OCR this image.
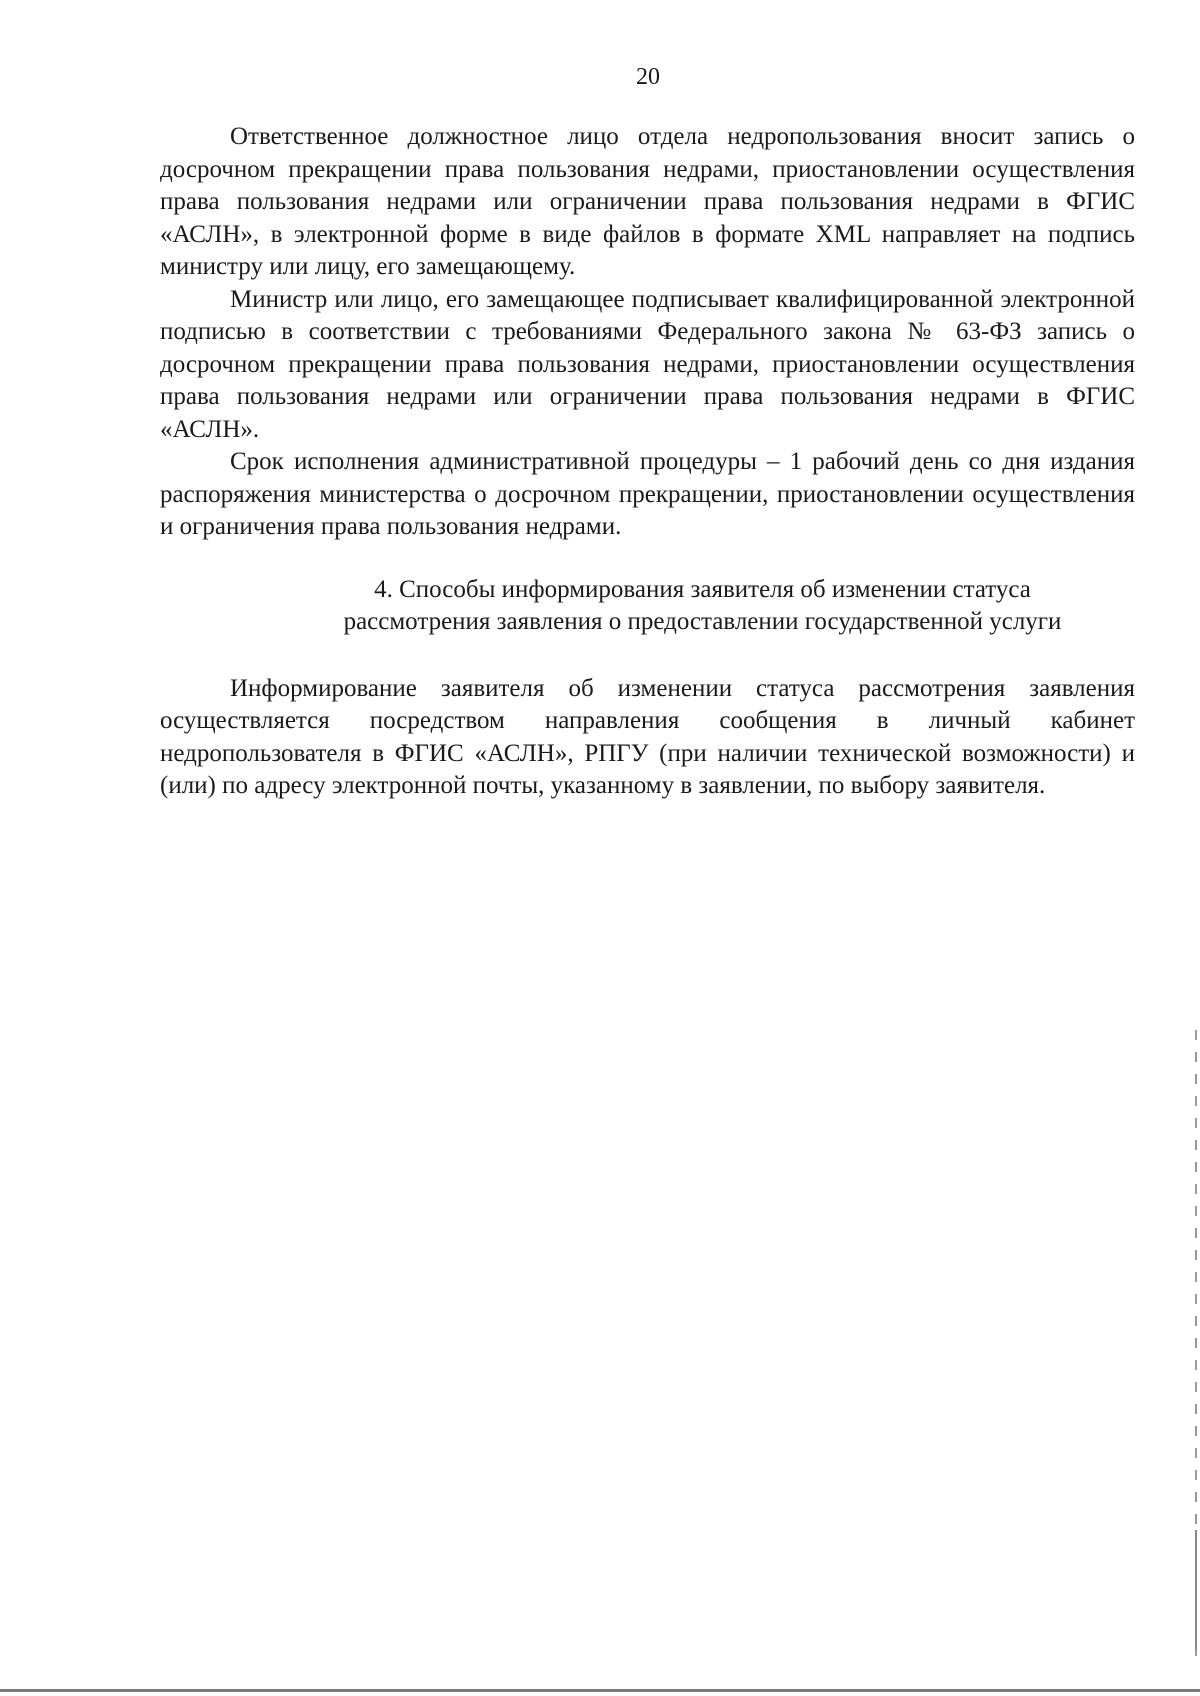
20

Ответственное должностное лицо отдела недропользования вносит запись о досрочном прекращении права пользования недрами, приостановлении осуществления права пользования недрами или ограничении права пользования недрами в ФГИС «АСЛН», в электронной форме в виде файлов в формате XML направляет на подпись министру или лицу, его замещающему.

Министр или лицо, его замещающее подписывает квалифицированной электронной подписью в соответствии с требованиями Федерального закона № 63-ФЗ запись о досрочном прекращении права пользования недрами, приостановлении осуществления права пользования недрами или ограничении права пользования недрами в ФГИС «АСЛН».

Срок исполнения административной процедуры – 1 рабочий день со дня издания распоряжения министерства о досрочном прекращении, приостановлении осуществления и ограничения права пользования недрами.

4. Способы информирования заявителя об изменении статуса
рассмотрения заявления о предоставлении государственной услуги

Информирование заявителя об изменении статуса рассмотрения заявления осуществляется посредством направления сообщения в личный кабинет недропользователя в ФГИС «АСЛН», РПГУ (при наличии технической возможности) и (или) по адресу электронной почты, указанному в заявлении, по выбору заявителя.
